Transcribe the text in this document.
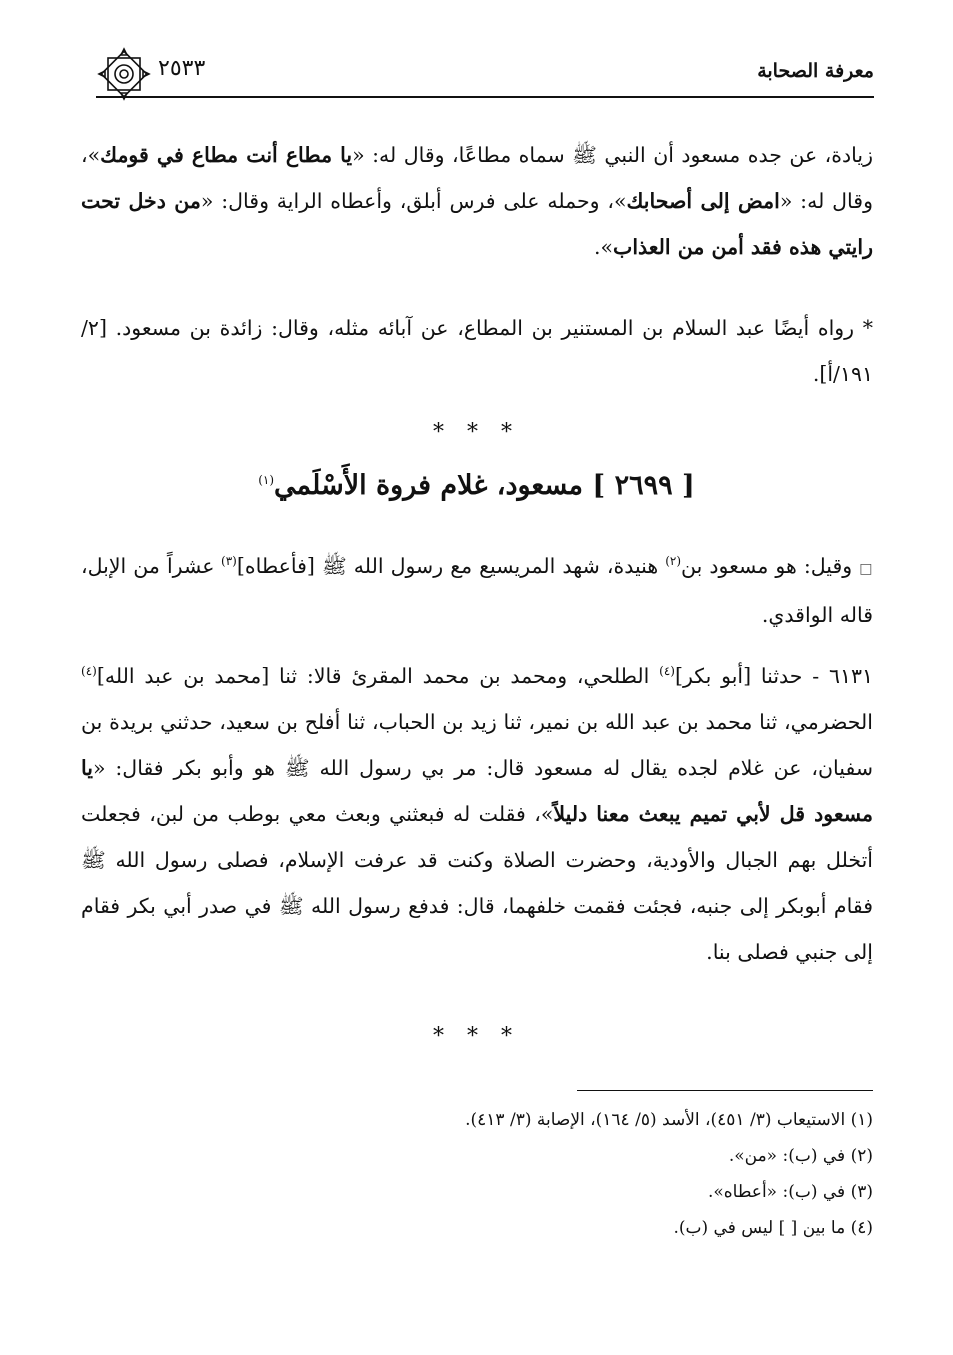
معرفة الصحابة
٢٥٣٣
زيادة، عن جده مسعود أن النبي ﷺ سماه مطاعًا، وقال له: «يا مطاع أنت مطاع في قومك»، وقال له: «امض إلى أصحابك»، وحمله على فرس أبلق، وأعطاه الراية وقال: «من دخل تحت رايتي هذه فقد أمن من العذاب».
* رواه أيضًا عبد السلام بن المستنير بن المطاع، عن آبائه مثله، وقال: زائدة بن مسعود. [٢/ ١٩١/أ].
* * *
[ ٢٦٩٩ ] مسعود، غلام فروة الأَسْلَمي$^{(١)}$
□ وقيل: هو مسعود بن$^{(٢)}$ هنيدة، شهد المريسيع مع رسول الله ﷺ [فأعطاه]$^{(٣)}$ عشراً من الإبل، قاله الواقدي.
٦١٣١ - حدثنا [أبو بكر]$^{(٤)}$ الطلحي، ومحمد بن محمد المقرئ قالا: ثنا [محمد بن عبد الله]$^{(٤)}$ الحضرمي، ثنا محمد بن عبد الله بن نمير، ثنا زيد بن الحباب، ثنا أفلح بن سعيد، حدثني بريدة بن سفيان، عن غلام لجده يقال له مسعود قال: مر بي رسول الله ﷺ هو وأبو بكر فقال: «يا مسعود قل لأبي تميم يبعث معنا دليلاً»، فقلت له فبعثني وبعث معي بوطب من لبن، فجعلت أتخلل بهم الجبال والأودية، وحضرت الصلاة وكنت قد عرفت الإسلام، فصلى رسول الله ﷺ فقام أبوبكر إلى جنبه، فجئت فقمت خلفهما، قال: فدفع رسول الله ﷺ في صدر أبي بكر فقام إلى جنبي فصلى بنا.
* * *
(١) الاستيعاب (٣/ ٤٥١)، الأسد (٥/ ١٦٤)، الإصابة (٣/ ٤١٣).
(٢) في (ب): «من».
(٣) في (ب): «أعطاه».
(٤) ما بين [ ] ليس في (ب).
